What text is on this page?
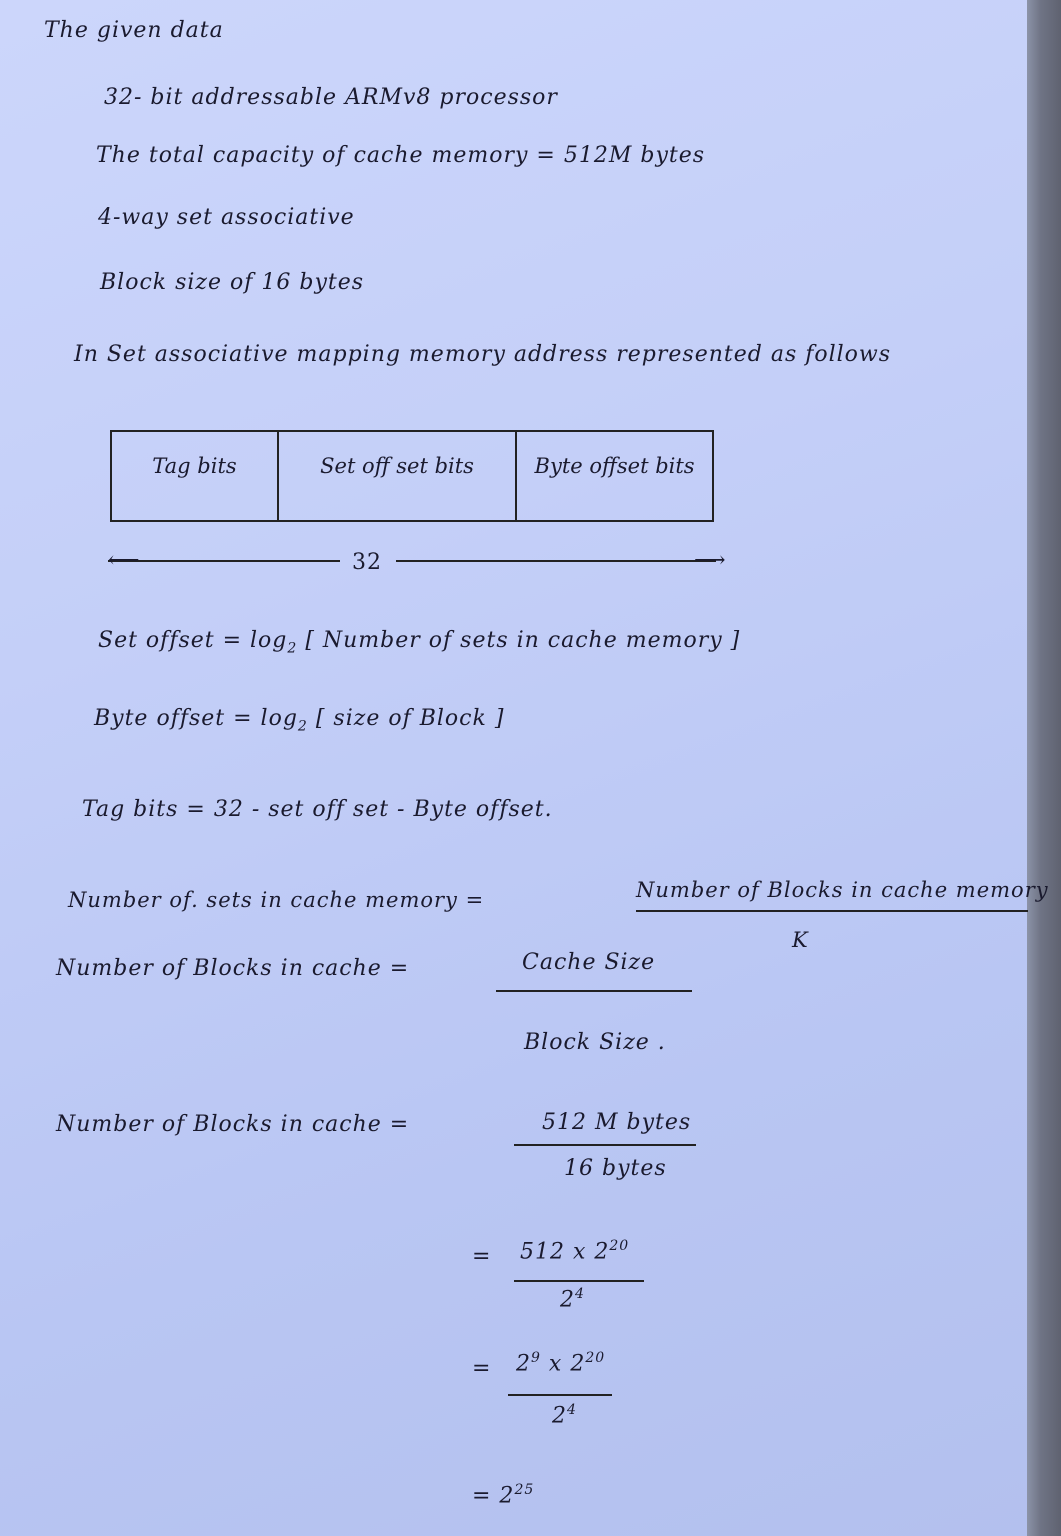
The given data
32- bit addressable ARMv8 processor
The total capacity of cache memory = 512M bytes
4-way set associative
Block size of 16 bytes
In Set associative mapping memory address represented as follows
Tag bits	Set off set bits	Byte offset bits
⟵	32	⟶
Set offset = $\log_2$ [ Number of sets in cache memory ]
Byte offset = $\log_2$ [ size of Block ]
Tag bits = 32 - set off set - Byte offset.
Number of. sets in cache memory =	Number of Blocks in cache memory
K
Number of Blocks in cache =	Cache Size
Block Size .
Number of Blocks in cache =	512 M bytes
16 bytes
= 512 x $2^{20}$
$2^4$
= $2^9$ x $2^{20}$
$2^4$
= $2^{25}$
